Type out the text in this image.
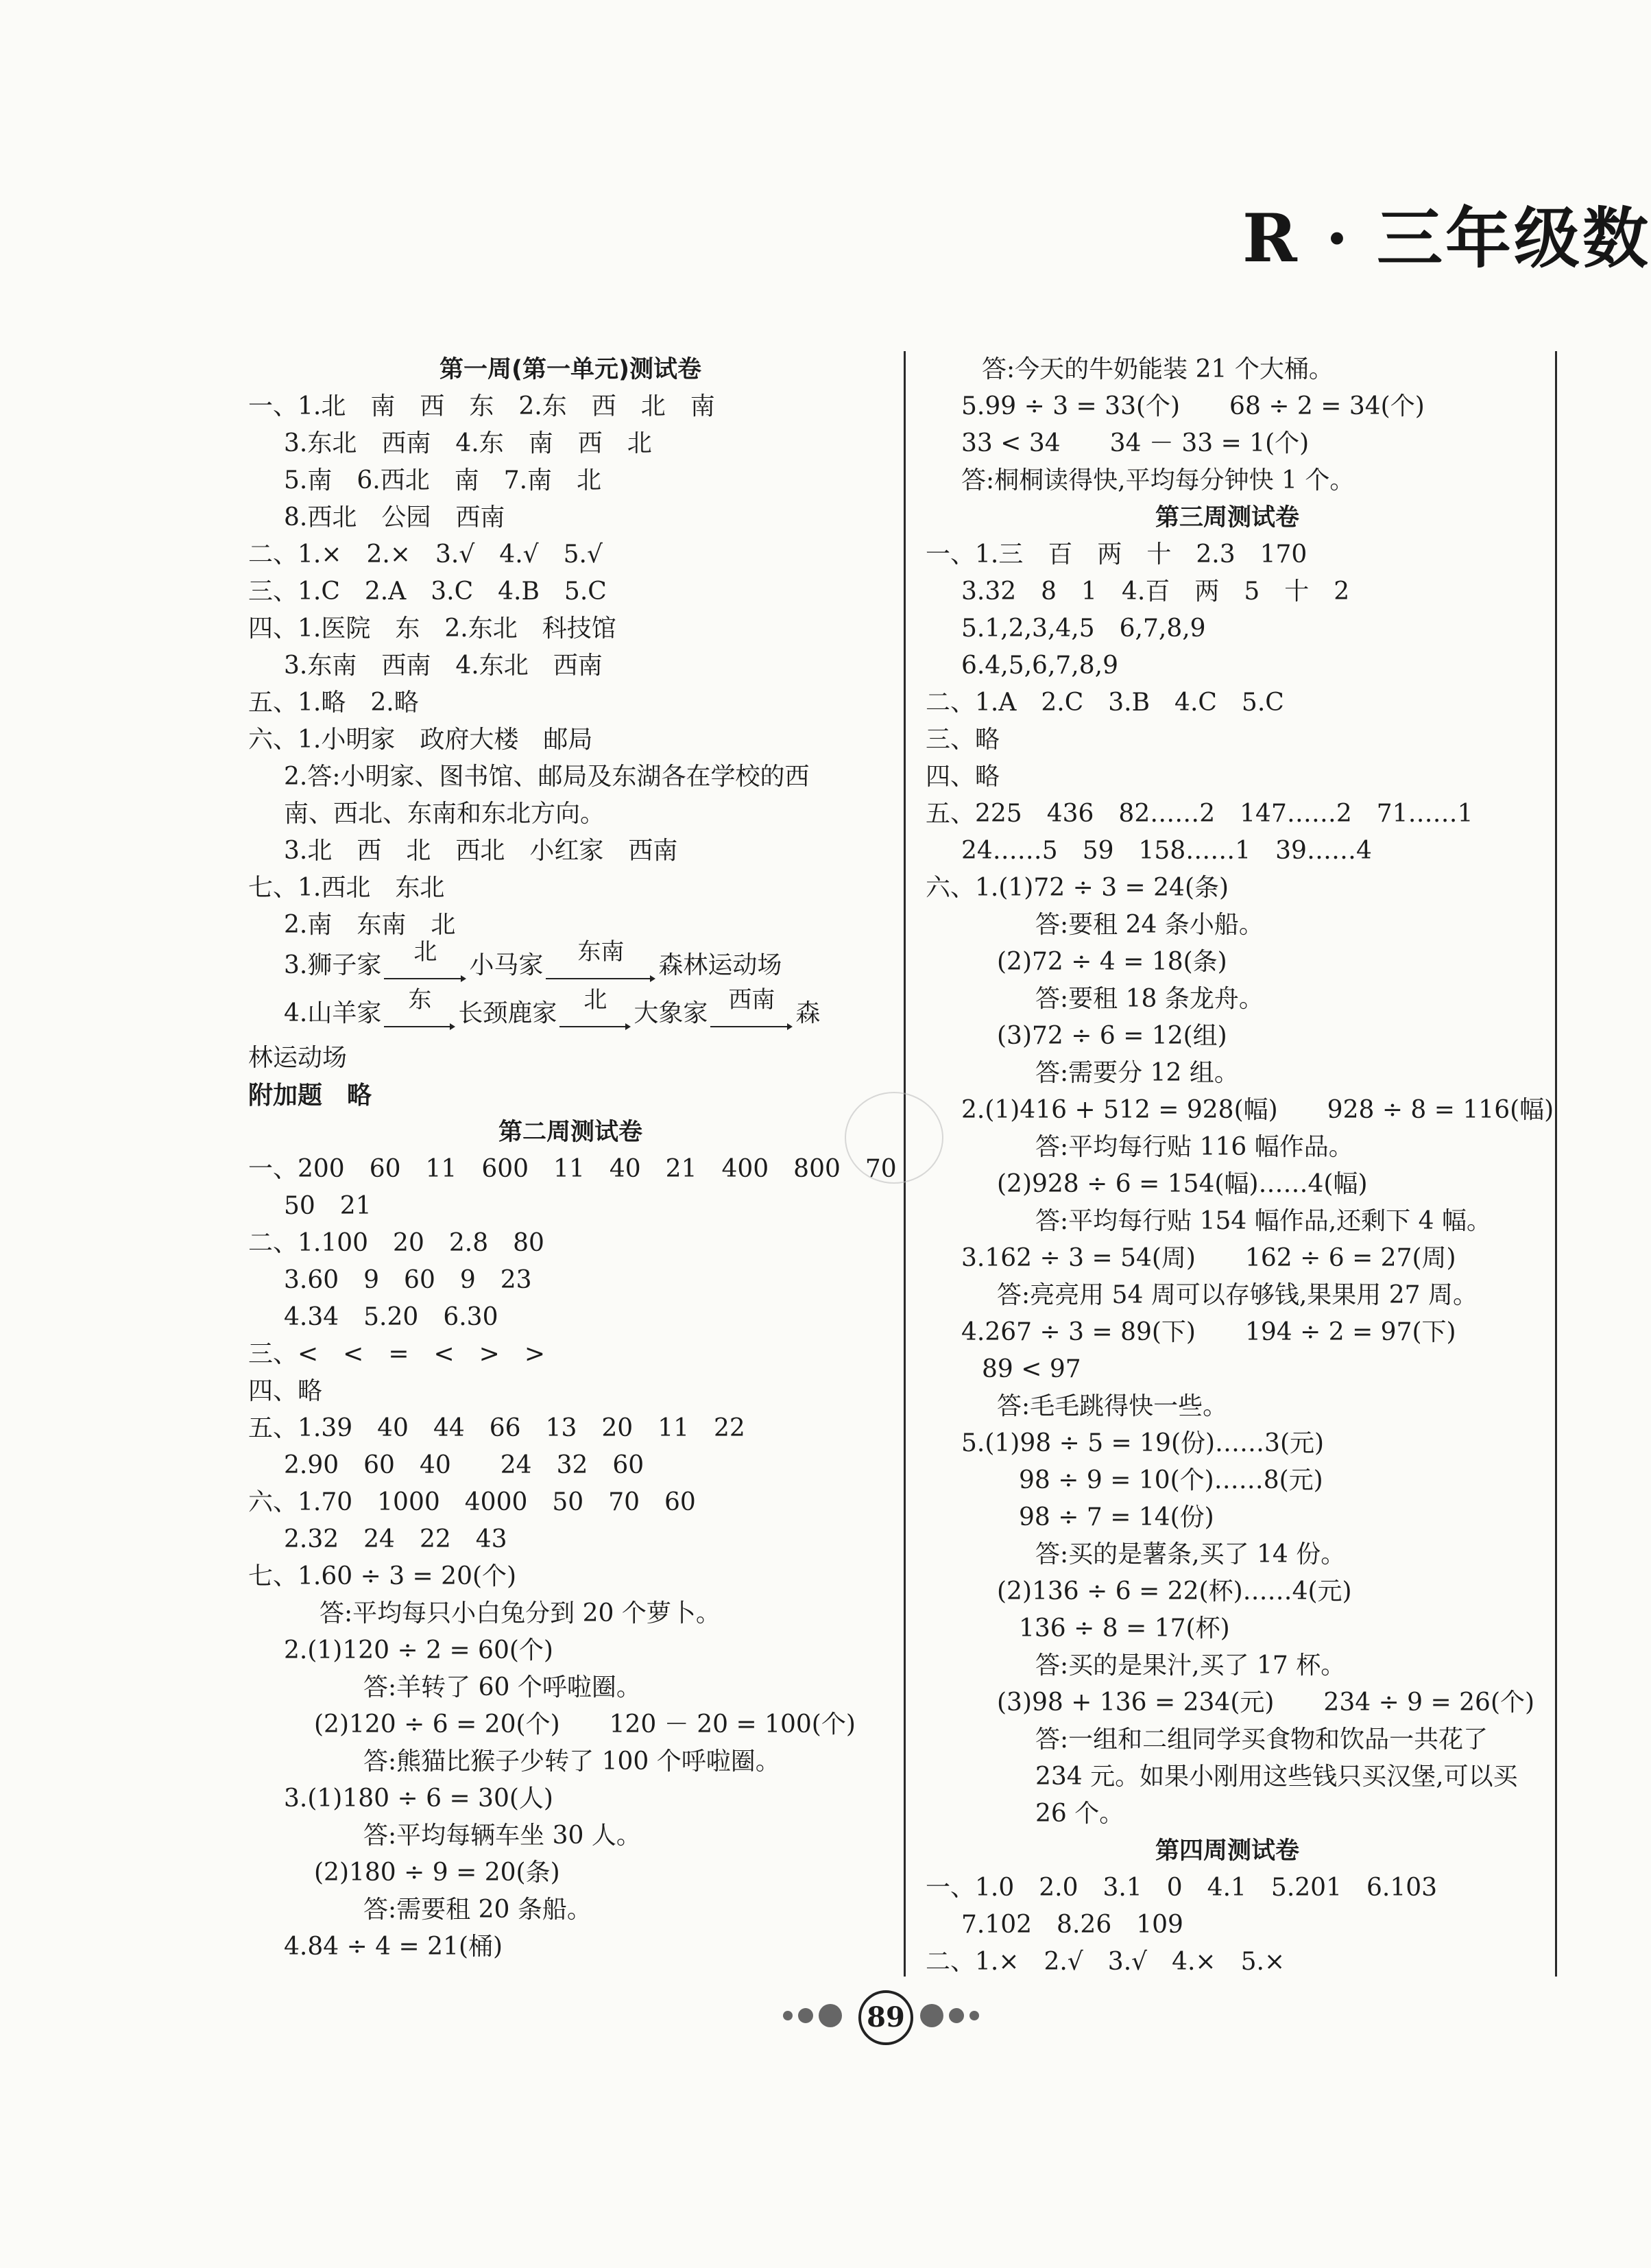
R · 三年级数
第一周(第一单元)测试卷
一、1.北　南　西　东　2.东　西　北　南
3.东北　西南　4.东　南　西　北
5.南　6.西北　南　7.南　北
8.西北　公园　西南
二、1.×　2.×　3.√　4.√　5.√
三、1.C　2.A　3.C　4.B　5.C
四、1.医院　东　2.东北　科技馆
3.东南　西南　4.东北　西南
五、1.略　2.略
六、1.小明家　政府大楼　邮局
2.答:小明家、图书馆、邮局及东湖各在学校的西
南、西北、东南和东北方向。
3.北　西　北　西北　小红家　西南
七、1.西北　东北
2.南　东南　北
3.狮子家

	北

	小马家

	东南

	森林运动场
4.山羊家

	东

	长颈鹿家

	北

	大象家

西南

森
林运动场
附加题　略
第二周测试卷
一、200　60　11　600　11　40　21　400　800　70
50　21
二、1.100　20　2.8　80
3.60　9　60　9　23
4.34　5.20　6.30
三、<　<　=　<　>　>
四、略
五、1.39　40　44　66　13　20　11　22
2.90　60　40　　24　32　60
六、1.70　1000　4000　50　70　60
2.32　24　22　43
七、1.60 ÷ 3 = 20(个)
答:平均每只小白兔分到 20 个萝卜。
2.(1)120 ÷ 2 = 60(个)
答:羊转了 60 个呼啦圈。
(2)120 ÷ 6 = 20(个)　　120 － 20 = 100(个)
答:熊猫比猴子少转了 100 个呼啦圈。
3.(1)180 ÷ 6 = 30(人)
答:平均每辆车坐 30 人。
(2)180 ÷ 9 = 20(条)
答:需要租 20 条船。
4.84 ÷ 4 = 21(桶)
答:今天的牛奶能装 21 个大桶。
5.99 ÷ 3 = 33(个)　　68 ÷ 2 = 34(个)
33 < 34　　34 － 33 = 1(个)
答:桐桐读得快,平均每分钟快 1 个。
第三周测试卷
一、1.三　百　两　十　2.3　170
3.32　8　1　4.百　两　5　十　2
5.1,2,3,4,5　6,7,8,9
6.4,5,6,7,8,9
二、1.A　2.C　3.B　4.C　5.C
三、略
四、略
五、225　436　82……2　147……2　71……1
24……5　59　158……1　39……4
六、1.(1)72 ÷ 3 = 24(条)
答:要租 24 条小船。
(2)72 ÷ 4 = 18(条)
答:要租 18 条龙舟。
(3)72 ÷ 6 = 12(组)
答:需要分 12 组。
2.(1)416 + 512 = 928(幅)　　928 ÷ 8 = 116(幅)
答:平均每行贴 116 幅作品。
(2)928 ÷ 6 = 154(幅)……4(幅)
答:平均每行贴 154 幅作品,还剩下 4 幅。
3.162 ÷ 3 = 54(周)　　162 ÷ 6 = 27(周)
答:亮亮用 54 周可以存够钱,果果用 27 周。
4.267 ÷ 3 = 89(下)　　194 ÷ 2 = 97(下)
89 < 97
答:毛毛跳得快一些。
5.(1)98 ÷ 5 = 19(份)……3(元)
98 ÷ 9 = 10(个)……8(元)
98 ÷ 7 = 14(份)
答:买的是薯条,买了 14 份。
(2)136 ÷ 6 = 22(杯)……4(元)
136 ÷ 8 = 17(杯)
答:买的是果汁,买了 17 杯。
(3)98 + 136 = 234(元)　　234 ÷ 9 = 26(个)
答:一组和二组同学买食物和饮品一共花了
234 元。如果小刚用这些钱只买汉堡,可以买
26 个。
第四周测试卷
一、1.0　2.0　3.1　0　4.1　5.201　6.103
7.102　8.26　109
二、1.×　2.√　3.√　4.×　5.×
89
